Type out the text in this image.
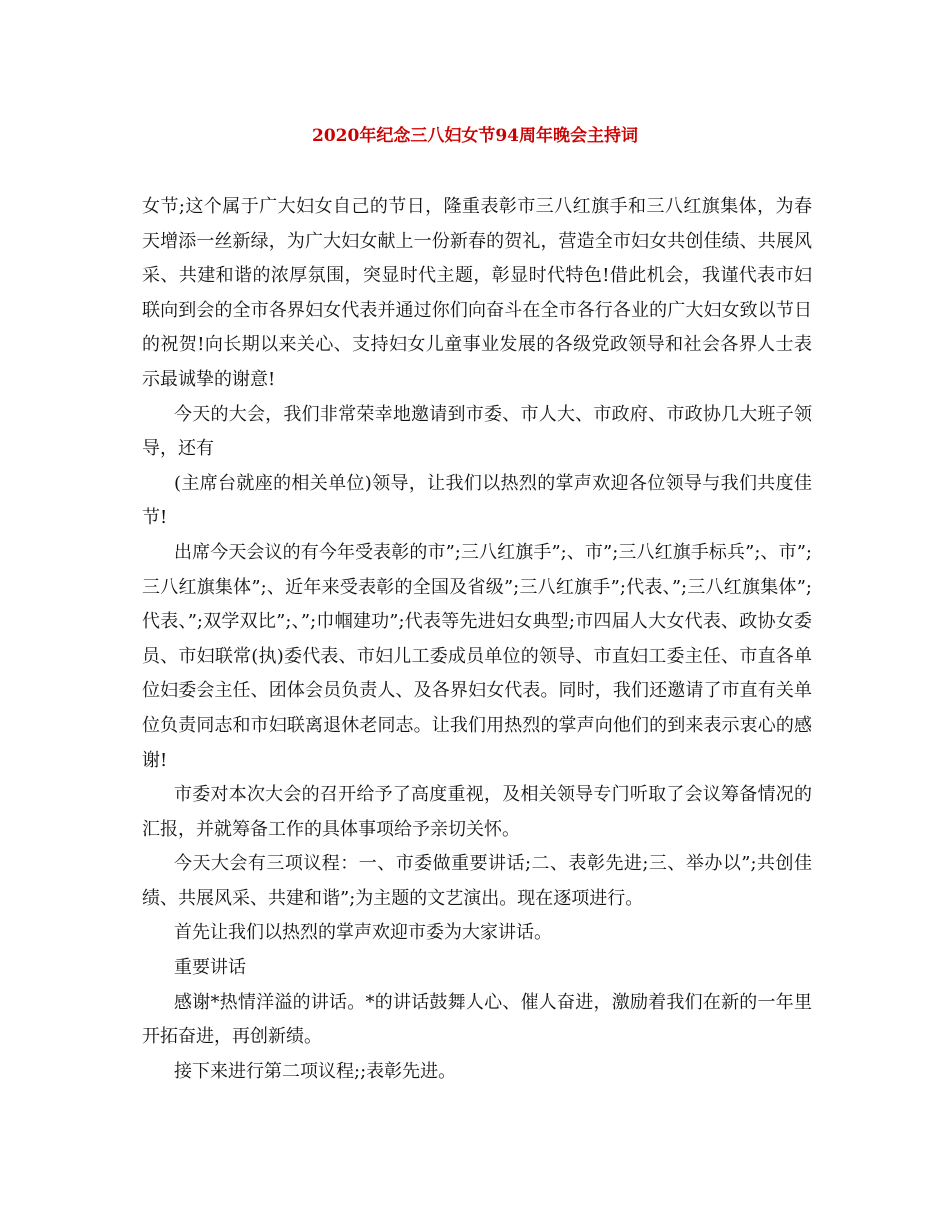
2020年纪念三八妇女节94周年晚会主持词

女节;这个属于广大妇女自己的节日，隆重表彰市三八红旗手和三八红旗集体，为春天增添一丝新绿，为广大妇女献上一份新春的贺礼，营造全市妇女共创佳绩、共展风采、共建和谐的浓厚氛围，突显时代主题，彰显时代特色!借此机会，我谨代表市妇联向到会的全市各界妇女代表并通过你们向奋斗在全市各行各业的广大妇女致以节日的祝贺!向长期以来关心、支持妇女儿童事业发展的各级党政领导和社会各界人士表示最诚挚的谢意!

今天的大会，我们非常荣幸地邀请到市委、市人大、市政府、市政协几大班子领导，还有

(主席台就座的相关单位)领导，让我们以热烈的掌声欢迎各位领导与我们共度佳节!

出席今天会议的有今年受表彰的市”;三八红旗手”;、市”;三八红旗手标兵”;、市”;三八红旗集体”;、近年来受表彰的全国及省级”;三八红旗手”;代表、”;三八红旗集体”;代表、”;双学双比”;、”;巾帼建功”;代表等先进妇女典型;市四届人大女代表、政协女委员、市妇联常(执)委代表、市妇儿工委成员单位的领导、市直妇工委主任、市直各单位妇委会主任、团体会员负责人、及各界妇女代表。同时，我们还邀请了市直有关单位负责同志和市妇联离退休老同志。让我们用热烈的掌声向他们的到来表示衷心的感谢!

市委对本次大会的召开给予了高度重视，及相关领导专门听取了会议筹备情况的汇报，并就筹备工作的具体事项给予亲切关怀。

今天大会有三项议程：一、市委做重要讲话;二、表彰先进;三、举办以”;共创佳绩、共展风采、共建和谐”;为主题的文艺演出。现在逐项进行。

首先让我们以热烈的掌声欢迎市委为大家讲话。

重要讲话

感谢*热情洋溢的讲话。*的讲话鼓舞人心、催人奋进，激励着我们在新的一年里开拓奋进，再创新绩。

接下来进行第二项议程;;表彰先进。
